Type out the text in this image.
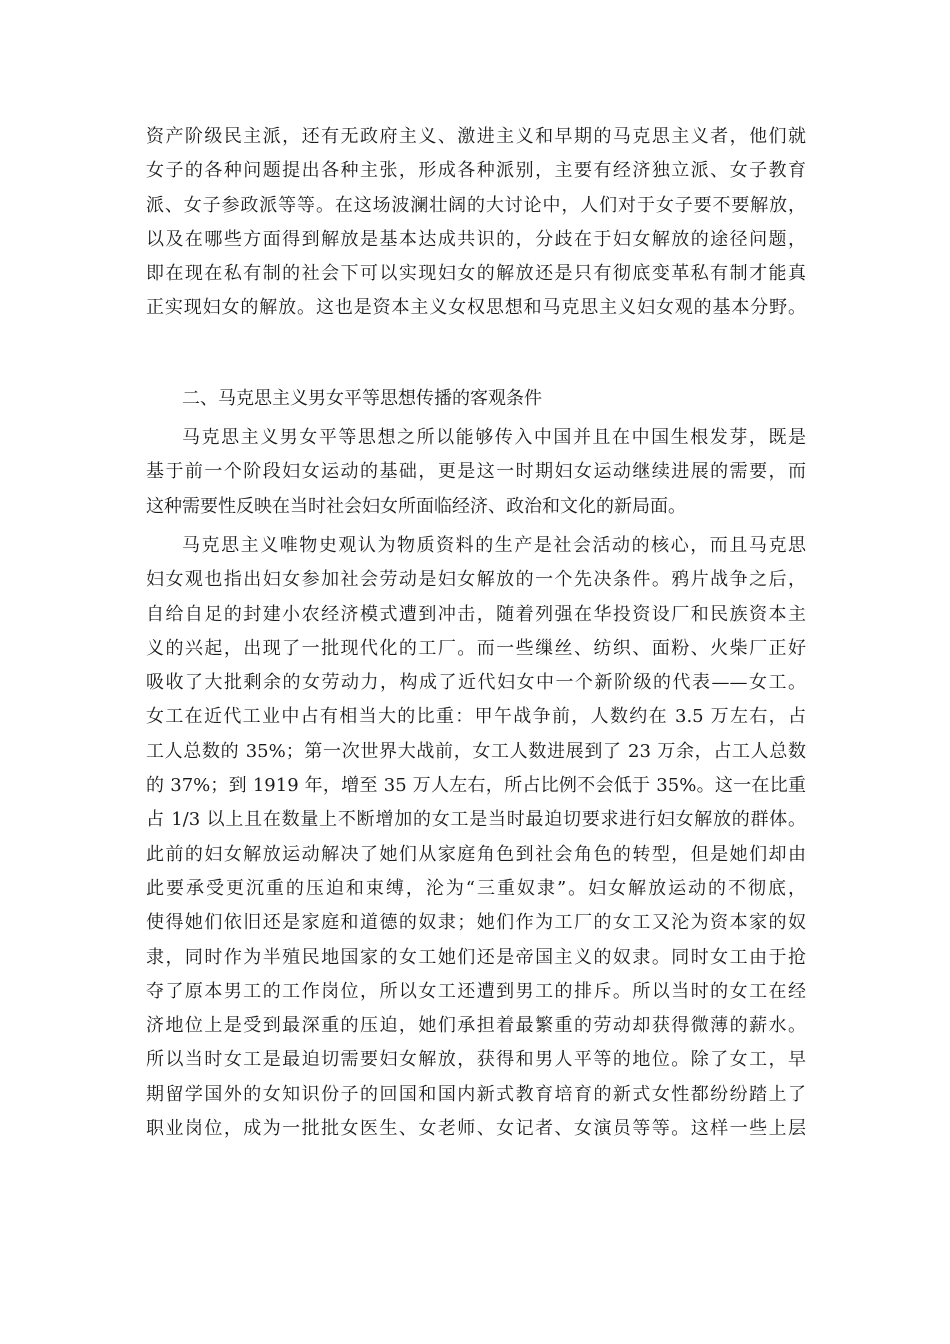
资产阶级民主派，还有无政府主义、激进主义和早期的马克思主义者，他们就
女子的各种问题提出各种主张，形成各种派别，主要有经济独立派、女子教育
派、女子参政派等等。在这场波澜壮阔的大讨论中，人们对于女子要不要解放，
以及在哪些方面得到解放是基本达成共识的，分歧在于妇女解放的途径问题，
即在现在私有制的社会下可以实现妇女的解放还是只有彻底变革私有制才能真
正实现妇女的解放。这也是资本主义女权思想和马克思主义妇女观的基本分野。
二、马克思主义男女平等思想传播的客观条件
马克思主义男女平等思想之所以能够传入中国并且在中国生根发芽，既是
基于前一个阶段妇女运动的基础，更是这一时期妇女运动继续进展的需要，而
这种需要性反映在当时社会妇女所面临经济、政治和文化的新局面。
马克思主义唯物史观认为物质资料的生产是社会活动的核心，而且马克思
妇女观也指出妇女参加社会劳动是妇女解放的一个先决条件。鸦片战争之后，
自给自足的封建小农经济模式遭到冲击，随着列强在华投资设厂和民族资本主
义的兴起，出现了一批现代化的工厂。而一些缫丝、纺织、面粉、火柴厂正好
吸收了大批剩余的女劳动力，构成了近代妇女中一个新阶级的代表——女工。
女工在近代工业中占有相当大的比重：甲午战争前，人数约在 3.5 万左右，占
工人总数的 35%；第一次世界大战前，女工人数进展到了 23 万余，占工人总数
的 37%；到 1919 年，增至 35 万人左右，所占比例不会低于 35%。这一在比重
占 1/3 以上且在数量上不断增加的女工是当时最迫切要求进行妇女解放的群体。
此前的妇女解放运动解决了她们从家庭角色到社会角色的转型，但是她们却由
此要承受更沉重的压迫和束缚，沦为“三重奴隶”。妇女解放运动的不彻底，
使得她们依旧还是家庭和道德的奴隶；她们作为工厂的女工又沦为资本家的奴
隶，同时作为半殖民地国家的女工她们还是帝国主义的奴隶。同时女工由于抢
夺了原本男工的工作岗位，所以女工还遭到男工的排斥。所以当时的女工在经
济地位上是受到最深重的压迫，她们承担着最繁重的劳动却获得微薄的薪水。
所以当时女工是最迫切需要妇女解放，获得和男人平等的地位。除了女工，早
期留学国外的女知识份子的回国和国内新式教育培育的新式女性都纷纷踏上了
职业岗位，成为一批批女医生、女老师、女记者、女演员等等。这样一些上层
